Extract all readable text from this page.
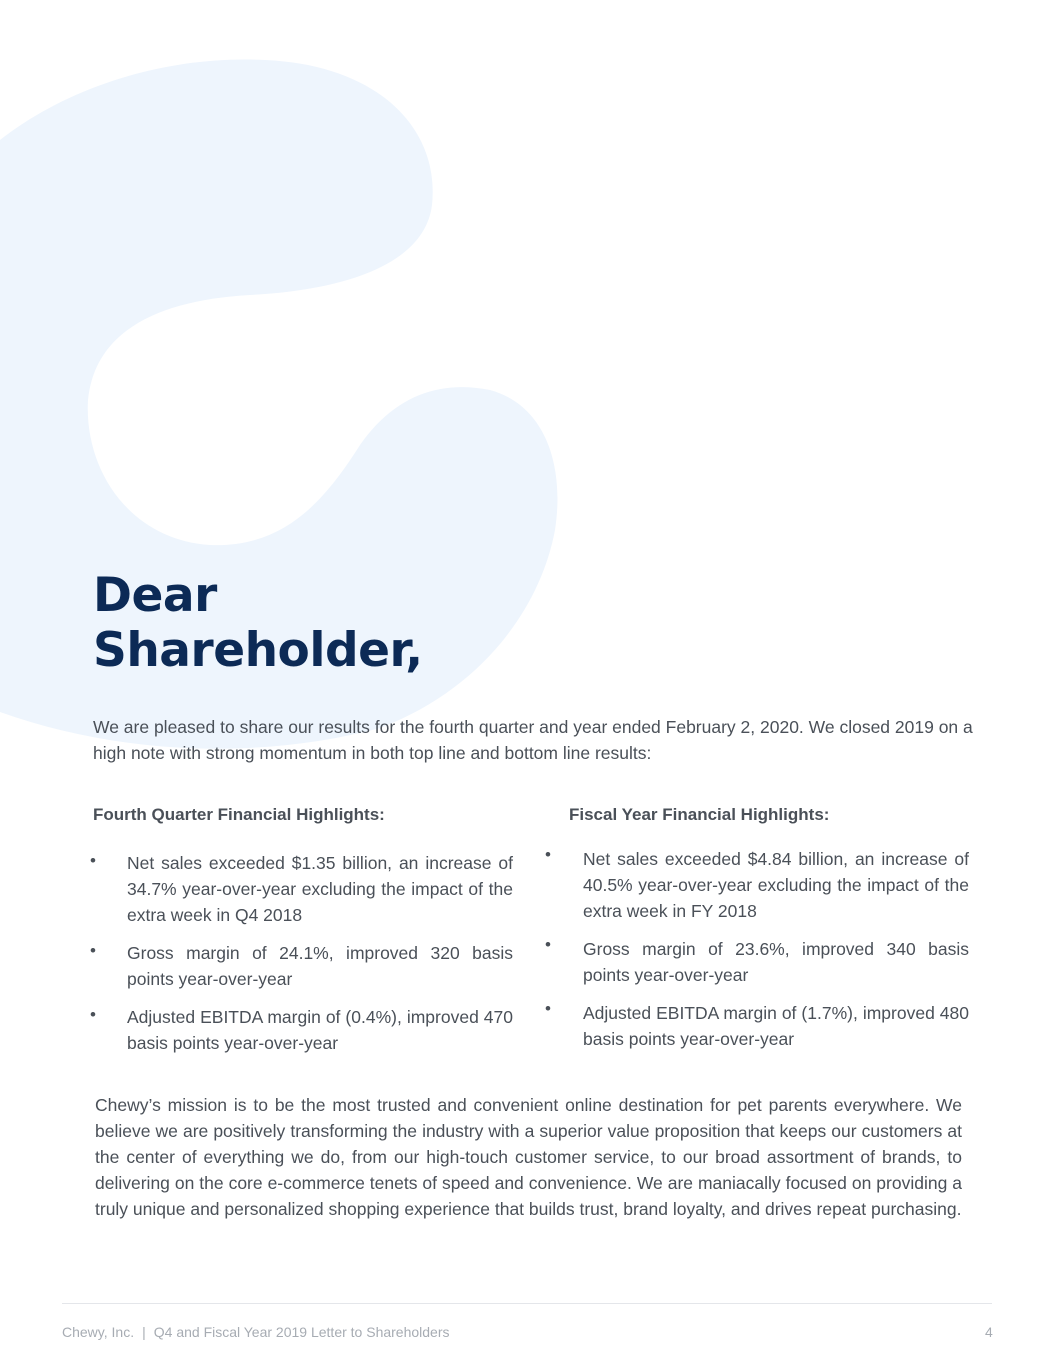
Dear
Shareholder,

We are pleased to share our results for the fourth quarter and year ended February 2, 2020. We closed 2019 on a high note with strong momentum in both top line and bottom line results:

Fourth Quarter Financial Highlights:
• Net sales exceeded $1.35 billion, an increase of 34.7% year-over-year excluding the impact of the extra week in Q4 2018
• Gross margin of 24.1%, improved 320 basis points year-over-year
• Adjusted EBITDA margin of (0.4%), improved 470 basis points year-over-year
Fiscal Year Financial Highlights:
• Net sales exceeded $4.84 billion, an increase of 40.5% year-over-year excluding the impact of the extra week in FY 2018
• Gross margin of 23.6%, improved 340 basis points year-over-year
• Adjusted EBITDA margin of (1.7%), improved 480 basis points year-over-year

Chewy’s mission is to be the most trusted and convenient online destination for pet parents everywhere. We believe we are positively transforming the industry with a superior value proposition that keeps our customers at the center of everything we do, from our high-touch customer service, to our broad assortment of brands, to delivering on the core e-commerce tenets of speed and convenience. We are maniacally focused on providing a truly unique and personalized shopping experience that builds trust, brand loyalty, and drives repeat purchasing.

Chewy, Inc. | Q4 and Fiscal Year 2019 Letter to Shareholders	4
